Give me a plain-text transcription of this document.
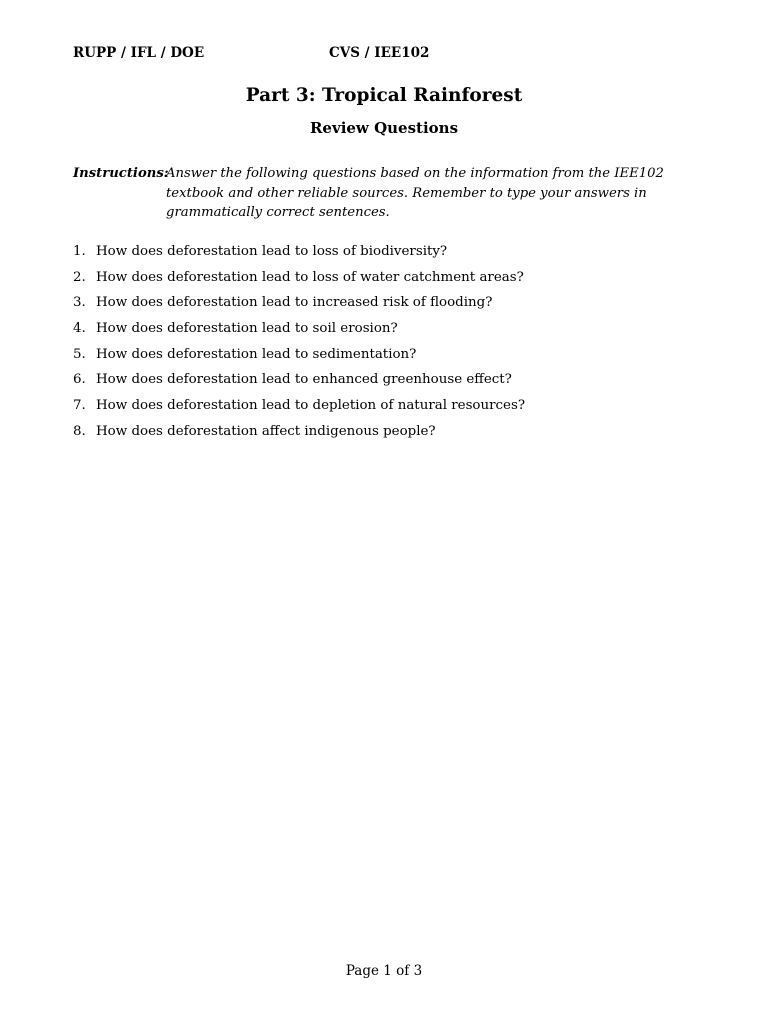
RUPP / IFL / DOE	CVS / IEE102
Part 3: Tropical Rainforest
Review Questions
Instructions:
Answer the following questions based on the information from the IEE102
textbook and other reliable sources. Remember to type your answers in
grammatically correct sentences.
1. How does deforestation lead to loss of biodiversity?
2. How does deforestation lead to loss of water catchment areas?
3. How does deforestation lead to increased risk of flooding?
4. How does deforestation lead to soil erosion?
5. How does deforestation lead to sedimentation?
6. How does deforestation lead to enhanced greenhouse effect?
7. How does deforestation lead to depletion of natural resources?
8. How does deforestation affect indigenous people?
Page 1 of 3
